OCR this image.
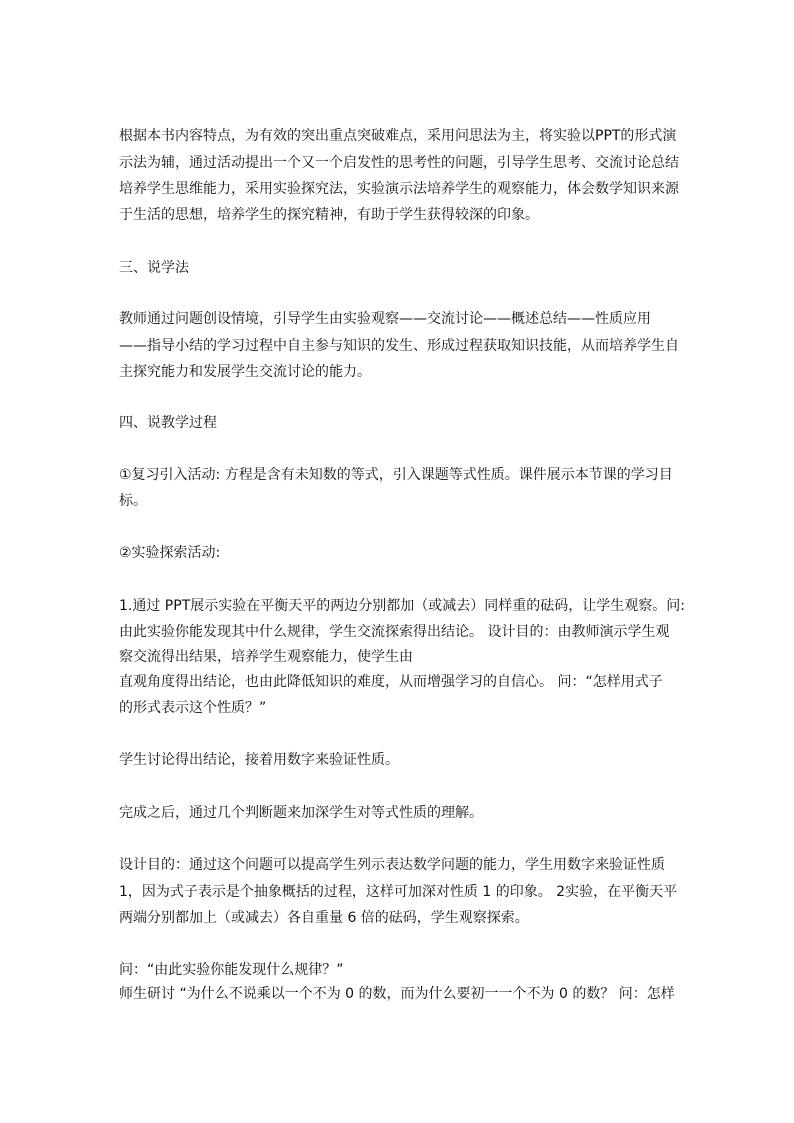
根据本书内容特点，为有效的突出重点突破难点，采用问思法为主，将实验以PPT的形式演
示法为辅，通过活动提出一个又一个启发性的思考性的问题，引导学生思考、交流讨论总结
培养学生思维能力，采用实验探究法，实验演示法培养学生的观察能力，体会数学知识来源
于生活的思想，培养学生的探究精神，有助于学生获得较深的印象。
三、说学法
教师通过问题创设情境，引导学生由实验观察——交流讨论——概述总结——性质应用
——指导小结的学习过程中自主参与知识的发生、形成过程获取知识技能，从而培养学生自
主探究能力和发展学生交流讨论的能力。
四、说教学过程
①复习引入活动: 方程是含有未知数的等式，引入课题等式性质。课件展示本节课的学习目
标。
②实验探索活动:
1.通过 PPT展示实验在平衡天平的两边分别都加（或减去）同样重的砝码，让学生观察。问:
由此实验你能发现其中什么规律，学生交流探索得出结论。 设计目的：由教师演示学生观
察交流得出结果，培养学生观察能力，使学生由
直观角度得出结论，也由此降低知识的难度，从而增强学习的自信心。 问：“怎样用式子
的形式表示这个性质？”
学生讨论得出结论，接着用数字来验证性质。
完成之后，通过几个判断题来加深学生对等式性质的理解。
设计目的：通过这个问题可以提高学生列示表达数学问题的能力，学生用数字来验证性质
1，因为式子表示是个抽象概括的过程，这样可加深对性质 1 的印象。 2实验，在平衡天平
两端分别都加上（或减去）各自重量 6 倍的砝码，学生观察探索。
问：“由此实验你能发现什么规律？”
师生研讨 “为什么不说乘以一个不为 0 的数，而为什么要初一一个不为 0 的数？ 问：怎样
